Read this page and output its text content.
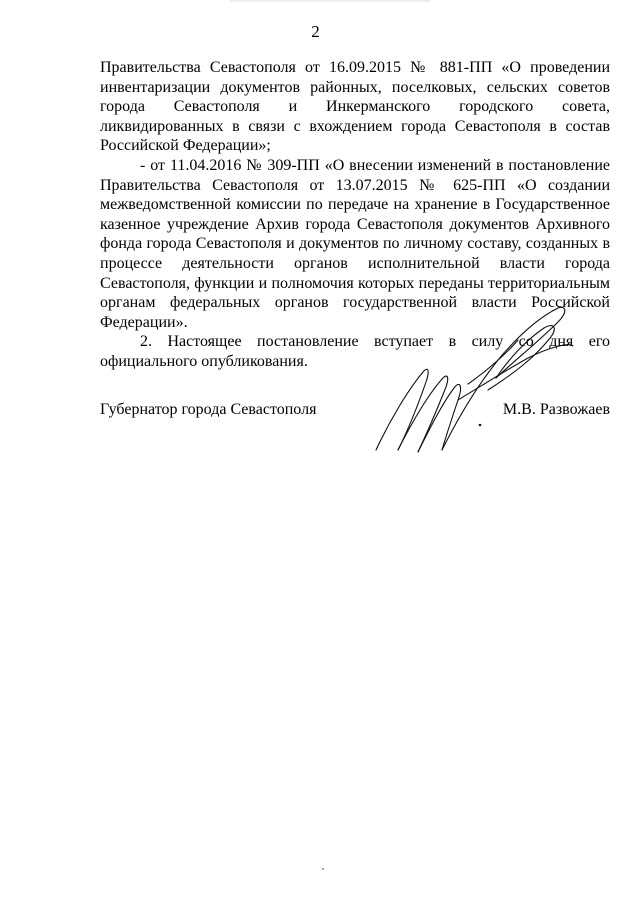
2

Правительства Севастополя от 16.09.2015 № 881-ПП «О проведении инвентаризации документов районных, поселковых, сельских советов города Севастополя и Инкерманского городского совета, ликвидированных в связи с вхождением города Севастополя в состав Российской Федерации»;

- от 11.04.2016 № 309-ПП «О внесении изменений в постановление Правительства Севастополя от 13.07.2015 № 625-ПП «О создании межведомственной комиссии по передаче на хранение в Государственное казенное учреждение Архив города Севастополя документов Архивного фонда города Севастополя и документов по личному составу, созданных в процессе деятельности органов исполнительной власти города Севастополя, функции и полномочия которых переданы территориальным органам федеральных органов государственной власти Российской Федерации».

2. Настоящее постановление вступает в силу со дня его официального опубликования.

Губернатор города Севастополя	М.В. Развожаев
